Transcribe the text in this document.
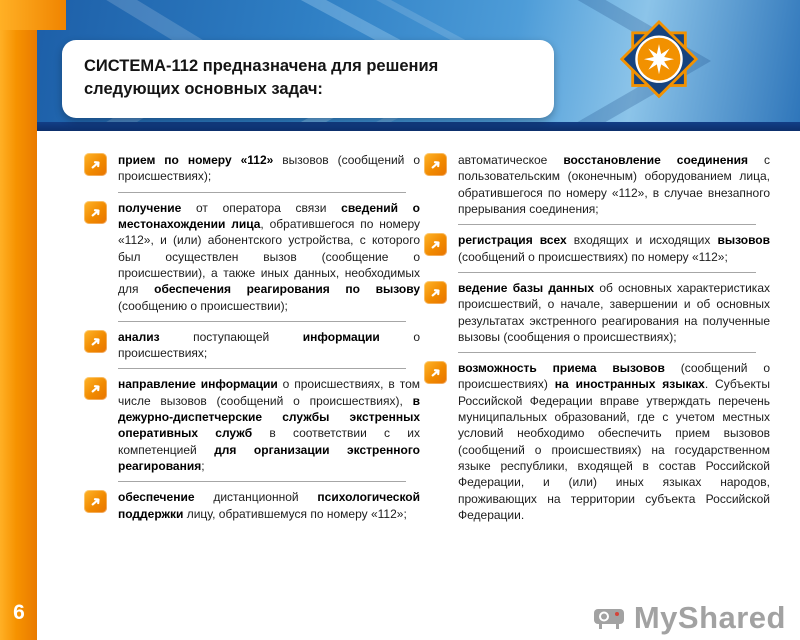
СИСТЕМА-112 предназначена для решения следующих основных задач:
➜ прием по номеру «112» вызовов (сообщений о происшествиях);
➜ получение от оператора связи сведений о местонахождении лица, обратившегося по номеру «112», и (или) абонентского устройства, с которого был осуществлен вызов (сообщение о происшествии), а также иных данных, необходимых для обеспечения реагирования по вызову (сообщению о происшествии);
➜ анализ поступающей информации о происшествиях;
➜ направление информации о происшествиях, в том числе вызовов (сообщений о происшествиях), в дежурно-диспетчерские службы экстренных оперативных служб в соответствии с их компетенцией для организации экстренного реагирования;
➜ обеспечение дистанционной психологической поддержки лицу, обратившемуся по номеру «112»;
➜ автоматическое восстановление соединения с пользовательским (оконечным) оборудованием лица, обратившегося по номеру «112», в случае внезапного прерывания соединения;
➜ регистрация всех входящих и исходящих вызовов (сообщений о происшествиях) по номеру «112»;
➜ ведение базы данных об основных характеристиках происшествий, о начале, завершении и об основных результатах экстренного реагирования на полученные вызовы (сообщения о происшествиях);
➜ возможность приема вызовов (сообщений о происшествиях) на иностранных языках. Субъекты Российской Федерации вправе утверждать перечень муниципальных образований, где с учетом местных условий необходимо обеспечить прием вызовов (сообщений о происшествиях) на государственном языке республики, входящей в состав Российской Федерации, и (или) иных языках народов, проживающих на территории субъекта Российской Федерации.
6	MyShared
